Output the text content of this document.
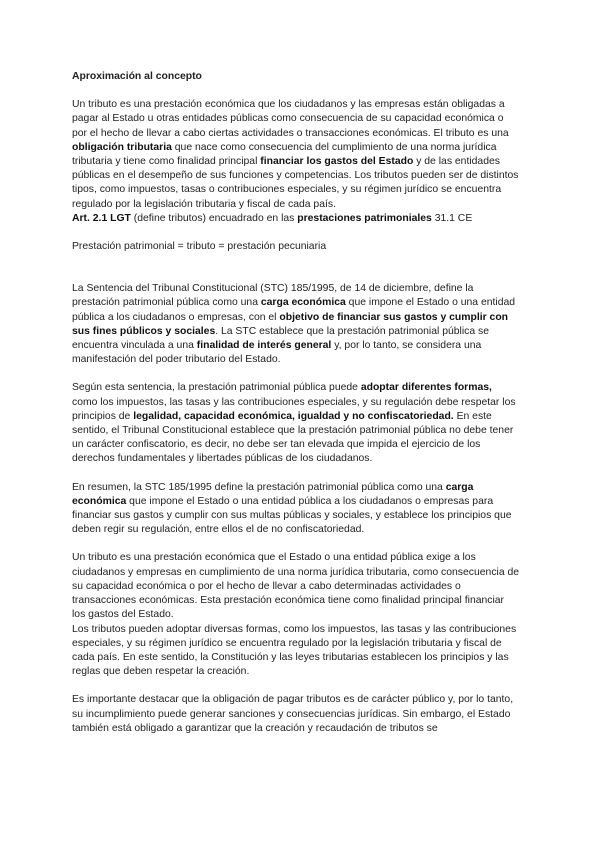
Aproximación al concepto

Un tributo es una prestación económica que los ciudadanos y las empresas están obligadas a pagar al Estado u otras entidades públicas como consecuencia de su capacidad económica o por el hecho de llevar a cabo ciertas actividades o transacciones económicas. El tributo es una obligación tributaria que nace como consecuencia del cumplimiento de una norma jurídica tributaria y tiene como finalidad principal financiar los gastos del Estado y de las entidades públicas en el desempeño de sus funciones y competencias. Los tributos pueden ser de distintos tipos, como impuestos, tasas o contribuciones especiales, y su régimen jurídico se encuentra regulado por la legislación tributaria y fiscal de cada país.

Art. 2.1 LGT (define tributos) encuadrado en las prestaciones patrimoniales 31.1 CE

Prestación patrimonial = tributo = prestación pecuniaria

La Sentencia del Tribunal Constitucional (STC) 185/1995, de 14 de diciembre, define la prestación patrimonial pública como una carga económica que impone el Estado o una entidad pública a los ciudadanos o empresas, con el objetivo de financiar sus gastos y cumplir con sus fines públicos y sociales. La STC establece que la prestación patrimonial pública se encuentra vinculada a una finalidad de interés general y, por lo tanto, se considera una manifestación del poder tributario del Estado.

Según esta sentencia, la prestación patrimonial pública puede adoptar diferentes formas, como los impuestos, las tasas y las contribuciones especiales, y su regulación debe respetar los principios de legalidad, capacidad económica, igualdad y no confiscatoriedad. En este sentido, el Tribunal Constitucional establece que la prestación patrimonial pública no debe tener un carácter confiscatorio, es decir, no debe ser tan elevada que impida el ejercicio de los derechos fundamentales y libertades públicas de los ciudadanos.

En resumen, la STC 185/1995 define la prestación patrimonial pública como una carga económica que impone el Estado o una entidad pública a los ciudadanos o empresas para financiar sus gastos y cumplir con sus multas públicas y sociales, y establece los principios que deben regir su regulación, entre ellos el de no confiscatoriedad.

Un tributo es una prestación económica que el Estado o una entidad pública exige a los ciudadanos y empresas en cumplimiento de una norma jurídica tributaria, como consecuencia de su capacidad económica o por el hecho de llevar a cabo determinadas actividades o transacciones económicas. Esta prestación económica tiene como finalidad principal financiar los gastos del Estado.

Los tributos pueden adoptar diversas formas, como los impuestos, las tasas y las contribuciones especiales, y su régimen jurídico se encuentra regulado por la legislación tributaria y fiscal de cada país. En este sentido, la Constitución y las leyes tributarias establecen los principios y las reglas que deben respetar la creación.

Es importante destacar que la obligación de pagar tributos es de carácter público y, por lo tanto, su incumplimiento puede generar sanciones y consecuencias jurídicas. Sin embargo, el Estado también está obligado a garantizar que la creación y recaudación de tributos se
